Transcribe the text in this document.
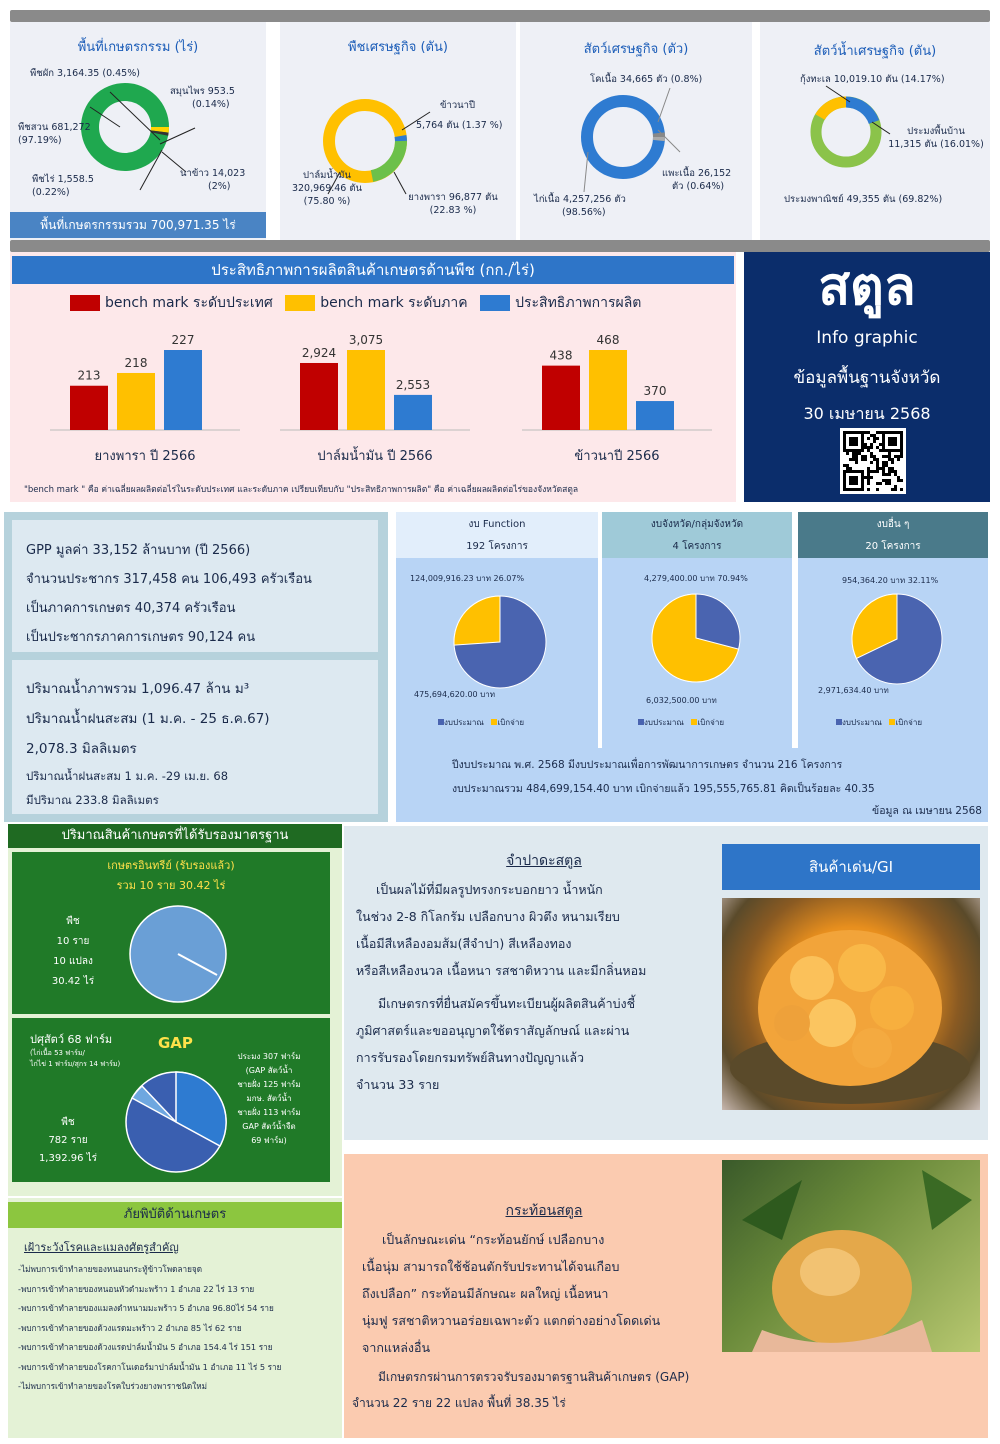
พื้นที่เกษตรกรรม (ไร่)
พืชผัก 3,164.35 (0.45%)
สมุนไพร 953.5
(0.14%)
พืชสวน 681,272
(97.19%)
พืชไร่ 1,558.5
(0.22%)
นาข้าว 14,023
(2%)
พื้นที่เกษตรกรรมรวม 700,971.35 ไร่
พืชเศรษฐกิจ (ตัน)
ข้าวนาปี
5,764 ตัน (1.37 %)
ปาล์มน้ำมัน
320,969.46 ตัน
(75.80 %)	ยางพารา 96,877 ตัน
(22.83 %)
สัตว์เศรษฐกิจ (ตัว)
โคเนื้อ 34,665 ตัว (0.8%)
แพะเนื้อ 26,152
ตัว (0.64%)
ไก่เนื้อ 4,257,256 ตัว
(98.56%)
สัตว์น้ำเศรษฐกิจ (ตัน)
กุ้งทะเล 10,019.10 ตัน (14.17%)
ประมงพื้นบ้าน
11,315 ตัน (16.01%)
ประมงพาณิชย์ 49,355 ตัน (69.82%)
ประสิทธิภาพการผลิตสินค้าเกษตรด้านพืช (กก./ไร่)
bench mark ระดับประเทศ	bench mark ระดับภาค	ประสิทธิภาพการผลิต
213
218
227
ยางพารา ปี 2566
2,924
3,075
2,553
ปาล์มน้ำมัน ปี 2566
438
468
370
ข้าวนาปี 2566
"bench mark " คือ ค่าเฉลี่ยผลผลิตต่อไร่ในระดับประเทศ และระดับภาค เปรียบเทียบกับ "ประสิทธิภาพการผลิต" คือ ค่าเฉลี่ยผลผลิตต่อไร่ของจังหวัดสตูล
สตูล
Info graphic
ข้อมูลพื้นฐานจังหวัด
30 เมษายน 2568
GPP มูลค่า 33,152 ล้านบาท (ปี 2566)
จำนวนประชากร 317,458 คน 106,493 ครัวเรือน
เป็นภาคการเกษตร 40,374 ครัวเรือน
เป็นประชากรภาคการเกษตร 90,124 คน
ปริมาณน้ำภาพรวม 1,096.47 ล้าน ม³
ปริมาณน้ำฝนสะสม (1 ม.ค. - 25 ธ.ค.67)
2,078.3 มิลลิเมตร
ปริมาณน้ำฝนสะสม 1 ม.ค. -29 เม.ย. 68
มีปริมาณ 233.8 มิลลิเมตร
งบ Function
192 โครงการ
124,009,916.23 บาท 26.07%
475,694,620.00 บาท
งบประมาณ เบิกจ่าย
งบจังหวัด/กลุ่มจังหวัด
4 โครงการ
4,279,400.00 บาท 70.94%
6,032,500.00 บาท
งบประมาณ เบิกจ่าย
งบอื่น ๆ
20 โครงการ
954,364.20 บาท 32.11%
2,971,634.40 บาท
งบประมาณ เบิกจ่าย
ปีงบประมาณ พ.ศ. 2568 มีงบประมาณเพื่อการพัฒนาการเกษตร จำนวน 216 โครงการ
งบประมาณรวม 484,699,154.40 บาท เบิกจ่ายแล้ว 195,555,765.81 คิดเป็นร้อยละ 40.35
ข้อมูล ณ เมษายน 2568
ปริมาณสินค้าเกษตรที่ได้รับรองมาตรฐาน
เกษตรอินทรีย์ (รับรองแล้ว)
รวม 10 ราย 30.42 ไร่
พืช
10 ราย
10 แปลง
30.42 ไร่
GAP
ปศุสัตว์ 68 ฟาร์ม
(ไก่เนื้อ 53 ฟาร์ม/
ไก่ไข่ 1 ฟาร์ม/สุกร 14 ฟาร์ม)
ประมง 307 ฟาร์ม
(GAP สัตว์น้ำ
ชายฝั่ง 125 ฟาร์ม
มกษ. สัตว์น้ำ
ชายฝั่ง 113 ฟาร์ม
GAP สัตว์น้ำจืด
69 ฟาร์ม)
พืช
782 ราย
1,392.96 ไร่
ภัยพิบัติด้านเกษตร
เฝ้าระวังโรคและแมลงศัตรูสำคัญ
-ไม่พบการเข้าทำลายของหนอนกระทู้ข้าวโพดลายจุด
-พบการเข้าทำลายของหนอนหัวดำมะพร้าว 1 อำเภอ 22 ไร่ 13 ราย
-พบการเข้าทำลายของแมลงดำหนามมะพร้าว 5 อำเภอ 96.80ไร่ 54 ราย
-พบการเข้าทำลายของด้วงแรดมะพร้าว 2 อำเภอ 85 ไร่ 62 ราย
-พบการเข้าทำลายของด้วงแรดปาล์มน้ำมัน 5 อำเภอ 154.4 ไร่ 151 ราย
-พบการเข้าทำลายของโรคกาโนเดอร์มาปาล์มน้ำมัน 1 อำเภอ 11 ไร่ 5 ราย
-ไม่พบการเข้าทำลายของโรคใบร่วงยางพาราชนิดใหม่
จำปาดะสตูล
เป็นผลไม้ที่มีผลรูปทรงกระบอกยาว น้ำหนัก
ในช่วง 2-8 กิโลกรัม เปลือกบาง ผิวตึง หนามเรียบ
เนื้อมีสีเหลืองอมส้ม(สีจำปา) สีเหลืองทอง
หรือสีเหลืองนวล เนื้อหนา รสชาติหวาน และมีกลิ่นหอม
มีเกษตรกรที่ยื่นสมัครขึ้นทะเบียนผู้ผลิตสินค้าบ่งชี้
ภูมิศาสตร์และขออนุญาตใช้ตราสัญลักษณ์ และผ่าน
การรับรองโดยกรมทรัพย์สินทางปัญญาแล้ว
จำนวน 33 ราย
สินค้าเด่น/GI
กระท้อนสตูล
เป็นลักษณะเด่น “กระท้อนยักษ์ เปลือกบาง
เนื้อนุ่ม สามารถใช้ช้อนตักรับประทานได้จนเกือบ
ถึงเปลือก” กระท้อนมีลักษณะ ผลใหญ่ เนื้อหนา
นุ่มฟู รสชาติหวานอร่อยเฉพาะตัว แตกต่างอย่างโดดเด่น
จากแหล่งอื่น
มีเกษตรกรผ่านการตรวจรับรองมาตรฐานสินค้าเกษตร (GAP)
จำนวน 22 ราย 22 แปลง พื้นที่ 38.35 ไร่
